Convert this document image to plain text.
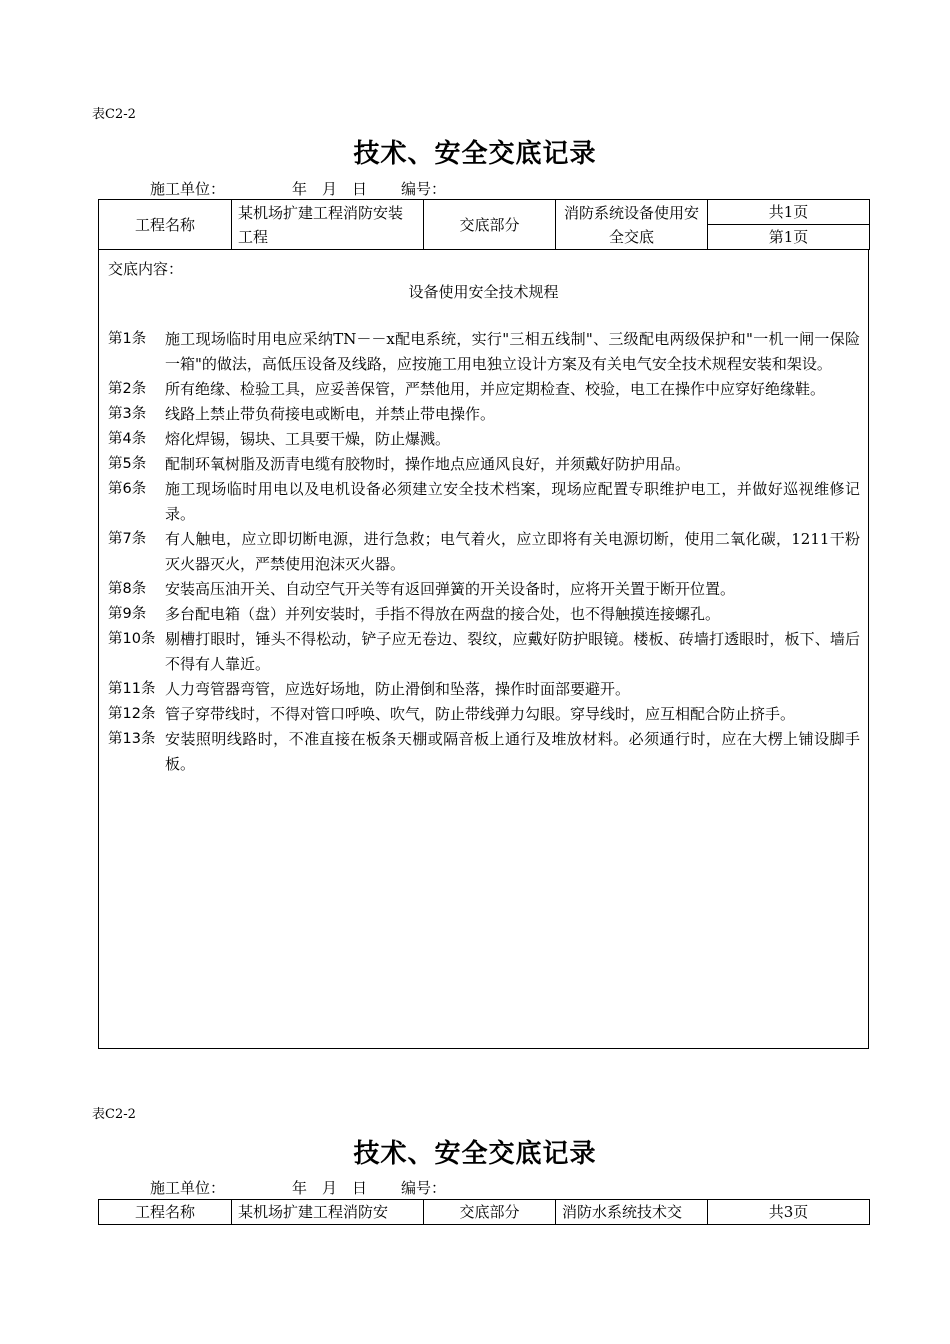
表C2-2
技术、安全交底记录
施工单位：	年　月　日 编号：
工程名称	某机场扩建工程消防安装工程	交底部分	消防系统设备使用安全交底	共1页
第1页
交底内容：
设备使用安全技术规程
第1条	施工现场临时用电应采纳TN－－x配电系统，实行"三相五线制"、三级配电两级保护和"一机一闸一保险一箱"的做法，高低压设备及线路，应按施工用电独立设计方案及有关电气安全技术规程安装和架设。
第2条	所有绝缘、检验工具，应妥善保管，严禁他用，并应定期检查、校验，电工在操作中应穿好绝缘鞋。
第3条	线路上禁止带负荷接电或断电，并禁止带电操作。
第4条	熔化焊锡，锡块、工具要干燥，防止爆溅。
第5条	配制环氧树脂及沥青电缆有胶物时，操作地点应通风良好，并须戴好防护用品。
第6条	施工现场临时用电以及电机设备必须建立安全技术档案，现场应配置专职维护电工，并做好巡视维修记录。
第7条	有人触电，应立即切断电源，进行急救；电气着火，应立即将有关电源切断，使用二氧化碳，1211干粉灭火器灭火，严禁使用泡沫灭火器。
第8条	安装高压油开关、自动空气开关等有返回弹簧的开关设备时，应将开关置于断开位置。
第9条	多台配电箱（盘）并列安装时，手指不得放在两盘的接合处，也不得触摸连接螺孔。
第10条 剔槽打眼时，锤头不得松动，铲子应无卷边、裂纹，应戴好防护眼镜。楼板、砖墙打透眼时，板下、墙后不得有人靠近。
第11条 人力弯管器弯管，应选好场地，防止滑倒和坠落，操作时面部要避开。
第12条 管子穿带线时，不得对管口呼唤、吹气，防止带线弹力勾眼。穿导线时，应互相配合防止挤手。
第13条 安装照明线路时，不准直接在板条天棚或隔音板上通行及堆放材料。必须通行时，应在大楞上铺设脚手板。
表C2-2
技术、安全交底记录
施工单位：	年　月　日 编号：
工程名称	某机场扩建工程消防安	交底部分	消防水系统技术交	共3页
